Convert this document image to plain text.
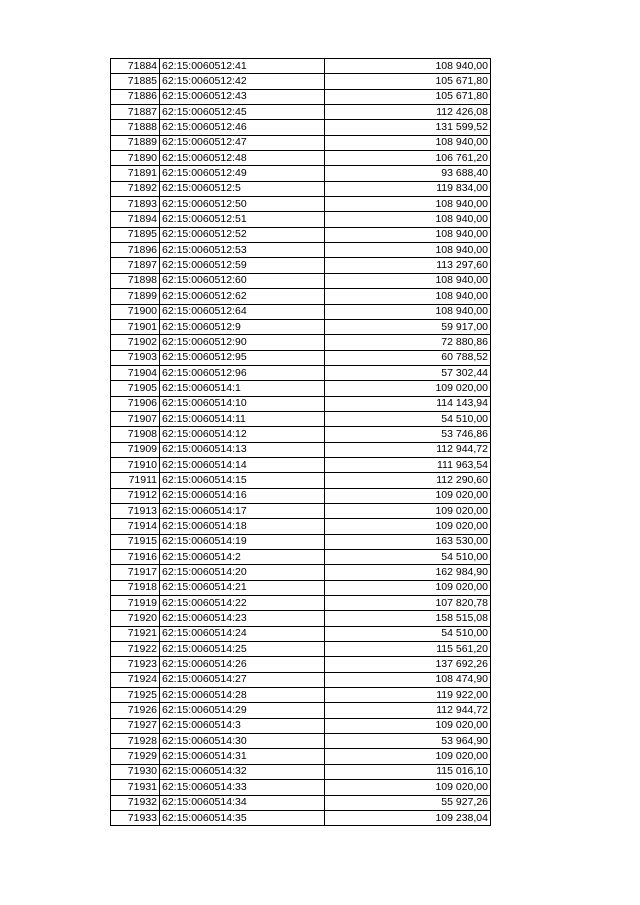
71884	62:15:0060512:41	108 940,00
71885	62:15:0060512:42	105 671,80
71886	62:15:0060512:43	105 671,80
71887	62:15:0060512:45	112 426,08
71888	62:15:0060512:46	131 599,52
71889	62:15:0060512:47	108 940,00
71890	62:15:0060512:48	106 761,20
71891	62:15:0060512:49	93 688,40
71892	62:15:0060512:5	119 834,00
71893	62:15:0060512:50	108 940,00
71894	62:15:0060512:51	108 940,00
71895	62:15:0060512:52	108 940,00
71896	62:15:0060512:53	108 940,00
71897	62:15:0060512:59	113 297,60
71898	62:15:0060512:60	108 940,00
71899	62:15:0060512:62	108 940,00
71900	62:15:0060512:64	108 940,00
71901	62:15:0060512:9	59 917,00
71902	62:15:0060512:90	72 880,86
71903	62:15:0060512:95	60 788,52
71904	62:15:0060512:96	57 302,44
71905	62:15:0060514:1	109 020,00
71906	62:15:0060514:10	114 143,94
71907	62:15:0060514:11	54 510,00
71908	62:15:0060514:12	53 746,86
71909	62:15:0060514:13	112 944,72
71910	62:15:0060514:14	111 963,54
71911	62:15:0060514:15	112 290,60
71912	62:15:0060514:16	109 020,00
71913	62:15:0060514:17	109 020,00
71914	62:15:0060514:18	109 020,00
71915	62:15:0060514:19	163 530,00
71916	62:15:0060514:2	54 510,00
71917	62:15:0060514:20	162 984,90
71918	62:15:0060514:21	109 020,00
71919	62:15:0060514:22	107 820,78
71920	62:15:0060514:23	158 515,08
71921	62:15:0060514:24	54 510,00
71922	62:15:0060514:25	115 561,20
71923	62:15:0060514:26	137 692,26
71924	62:15:0060514:27	108 474,90
71925	62:15:0060514:28	119 922,00
71926	62:15:0060514:29	112 944,72
71927	62:15:0060514:3	109 020,00
71928	62:15:0060514:30	53 964,90
71929	62:15:0060514:31	109 020,00
71930	62:15:0060514:32	115 016,10
71931	62:15:0060514:33	109 020,00
71932	62:15:0060514:34	55 927,26
71933	62:15:0060514:35	109 238,04
